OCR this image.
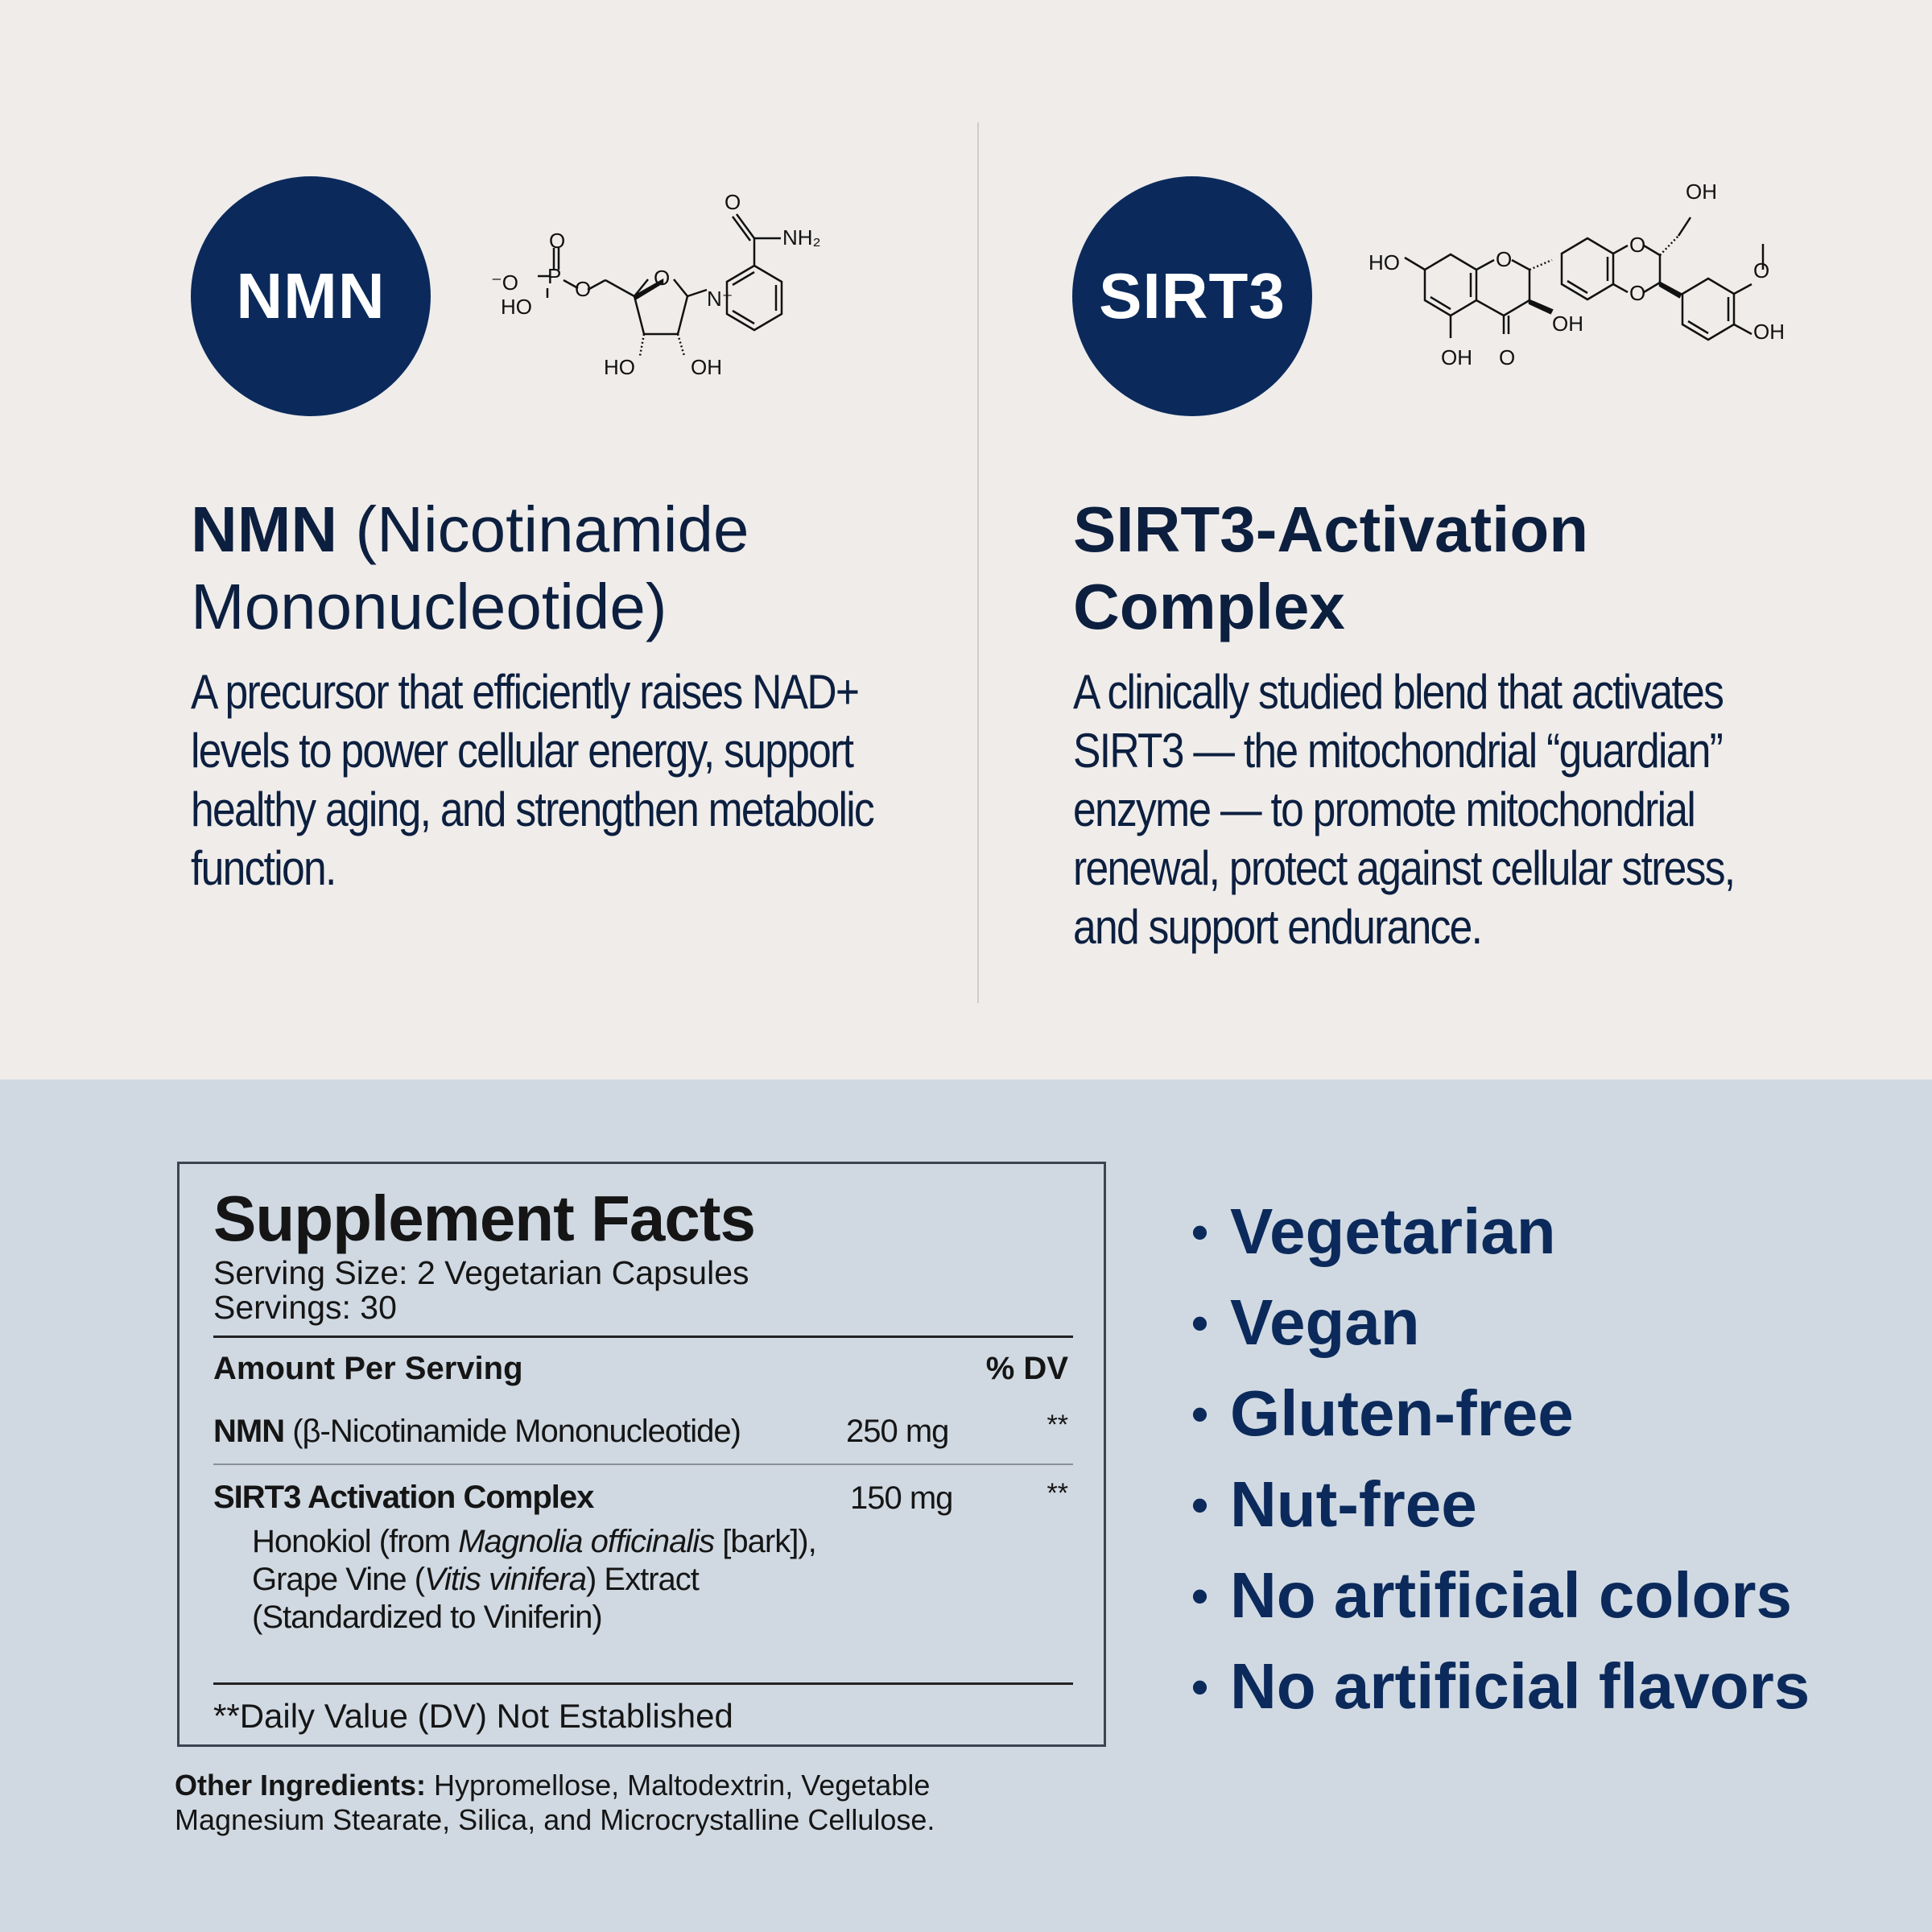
NMN	⁻O P
O
HO
O	O
N⁺
O
NH₂
HO	OH
NMN (Nicotinamide Mononucleotide)

A precursor that efficiently raises NAD+ levels to power cellular energy, support healthy aging, and strengthen metabolic function.

SIRT3	HO	O
OH
OH O
O
O
OH
O
OH
SIRT3-Activation Complex

A clinically studied blend that activates SIRT3 — the mitochondrial “guardian” enzyme — to promote mitochondrial renewal, protect against cellular stress, and support endurance.

Supplement Facts
Serving Size: 2 Vegetarian Capsules
Servings: 30
Amount Per Serving	% DV
NMN (β-Nicotinamide Mononucleotide)	250 mg	**
SIRT3 Activation Complex	150 mg	**
Honokiol (from Magnolia officinalis [bark]), Grape Vine (Vitis vinifera) Extract (Standardized to Viniferin)
**Daily Value (DV) Not Established

Other Ingredients: Hypromellose, Maltodextrin, Vegetable Magnesium Stearate, Silica, and Microcrystalline Cellulose.

• Vegetarian
• Vegan
• Gluten-free
• Nut-free
• No artificial colors
• No artificial flavors
